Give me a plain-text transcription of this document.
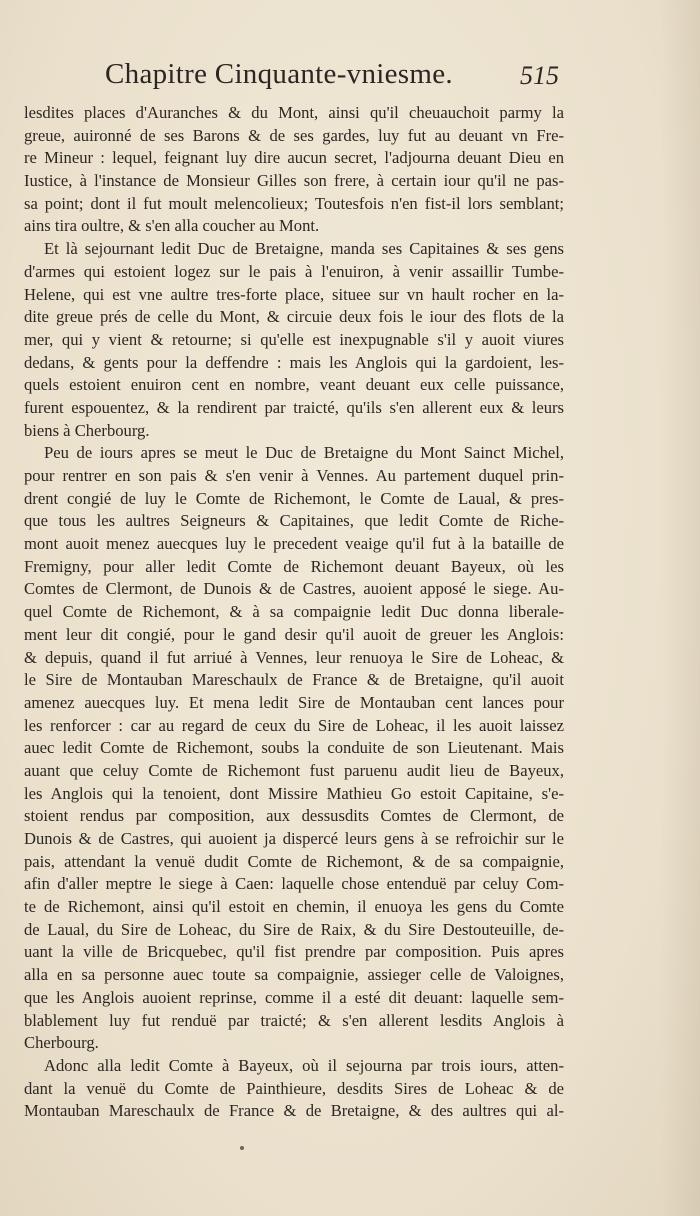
Chapitre Cinquante-vniesme.	515
lesdites places d'Auranches & du Mont, ainsi qu'il cheuauchoit parmy la
greue, auironné de ses Barons & de ses gardes, luy fut au deuant vn Fre-
re Mineur : lequel, feignant luy dire aucun secret, l'adjourna deuant Dieu en
Iustice, à l'instance de Monsieur Gilles son frere, à certain iour qu'il ne pas-
sa point; dont il fut moult melencolieux; Toutesfois n'en fist-il lors semblant;
ains tira oultre, & s'en alla coucher au Mont.
Et là sejournant ledit Duc de Bretaigne, manda ses Capitaines & ses gens
d'armes qui estoient logez sur le pais à l'enuiron, à venir assaillir Tumbe-
Helene, qui est vne aultre tres-forte place, situee sur vn hault rocher en la-
dite greue prés de celle du Mont, & circuie deux fois le iour des flots de la
mer, qui y vient & retourne; si qu'elle est inexpugnable s'il y auoit viures
dedans, & gents pour la deffendre : mais les Anglois qui la gardoient, les-
quels estoient enuiron cent en nombre, veant deuant eux celle puissance,
furent espouentez, & la rendirent par traicté, qu'ils s'en allerent eux & leurs
biens à Cherbourg.
Peu de iours apres se meut le Duc de Bretaigne du Mont Sainct Michel,
pour rentrer en son pais & s'en venir à Vennes. Au partement duquel prin-
drent congié de luy le Comte de Richemont, le Comte de Laual, & pres-
que tous les aultres Seigneurs & Capitaines, que ledit Comte de Riche-
mont auoit menez auecques luy le precedent veaige qu'il fut à la bataille de
Fremigny, pour aller ledit Comte de Richemont deuant Bayeux, où les
Comtes de Clermont, de Dunois & de Castres, auoient apposé le siege. Au-
quel Comte de Richemont, & à sa compaignie ledit Duc donna liberale-
ment leur dit congié, pour le gand desir qu'il auoit de greuer les Anglois:
& depuis, quand il fut arriué à Vennes, leur renuoya le Sire de Loheac, &
le Sire de Montauban Mareschaulx de France & de Bretaigne, qu'il auoit
amenez auecques luy. Et mena ledit Sire de Montauban cent lances pour
les renforcer : car au regard de ceux du Sire de Loheac, il les auoit laissez
auec ledit Comte de Richemont, soubs la conduite de son Lieutenant. Mais
auant que celuy Comte de Richemont fust paruenu audit lieu de Bayeux,
les Anglois qui la tenoient, dont Missire Mathieu Go estoit Capitaine, s'e-
stoient rendus par composition, aux dessusdits Comtes de Clermont, de
Dunois & de Castres, qui auoient ja dispercé leurs gens à se refroichir sur le
pais, attendant la venuë dudit Comte de Richemont, & de sa compaignie,
afin d'aller meptre le siege à Caen: laquelle chose entenduë par celuy Com-
te de Richemont, ainsi qu'il estoit en chemin, il enuoya les gens du Comte
de Laual, du Sire de Loheac, du Sire de Raix, & du Sire Destouteuille, de-
uant la ville de Bricquebec, qu'il fist prendre par composition. Puis apres
alla en sa personne auec toute sa compaignie, assieger celle de Valoignes,
que les Anglois auoient reprinse, comme il a esté dit deuant: laquelle sem-
blablement luy fut renduë par traicté; & s'en allerent lesdits Anglois à
Cherbourg.
Adonc alla ledit Comte à Bayeux, où il sejourna par trois iours, atten-
dant la venuë du Comte de Painthieure, desdits Sires de Loheac & de
Montauban Mareschaulx de France & de Bretaigne, & des aultres qui al-
